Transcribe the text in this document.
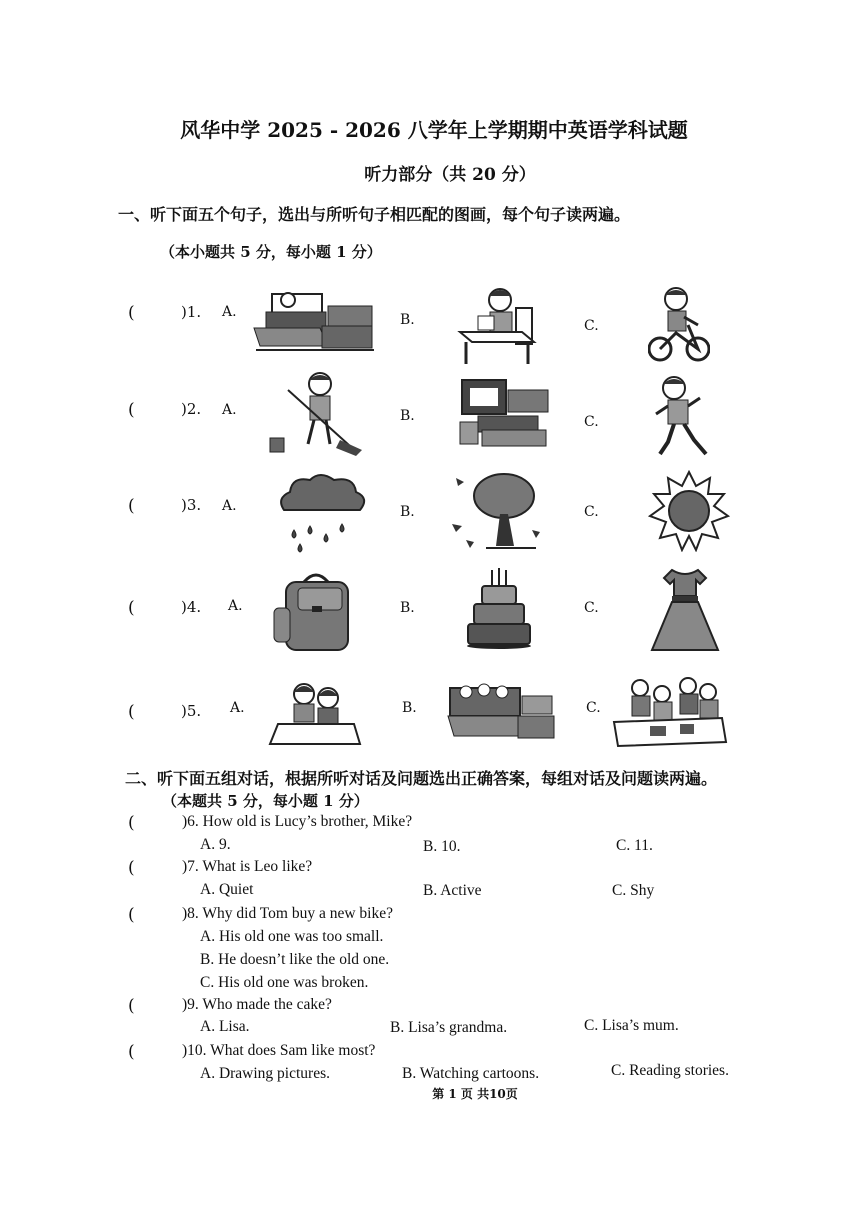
风华中学 2025 - 2026 八学年上学期期中英语学科试题
听力部分（共 20 分）
一、听下面五个句子，选出与所听句子相匹配的图画，每个句子读两遍。
（本小题共 5 分，每小题 1 分）
(	)1. A.	B.	C.
(	)2. A.	B.	C.
(	)3. A.	B.	C.
(	)4. A.	B.	C.
(	)5. A.	B.	C.
二、听下面五组对话，根据所听对话及问题选出正确答案，每组对话及问题读两遍。
（本题共 5 分，每小题 1 分）
(	)6. How old is Lucy’s brother, Mike?
A. 9.	B. 10.	C. 11.
(	)7. What is Leo like?
A. Quiet	B. Active	C. Shy
(	)8. Why did Tom buy a new bike?
A. His old one was too small.
B. He doesn’t like the old one.
C. His old one was broken.
(	)9. Who made the cake?
A. Lisa.	B. Lisa’s grandma.	C. Lisa’s mum.
(	)10. What does Sam like most?
A. Drawing pictures.	B. Watching cartoons.	C. Reading stories.
第 1 页 共10页
